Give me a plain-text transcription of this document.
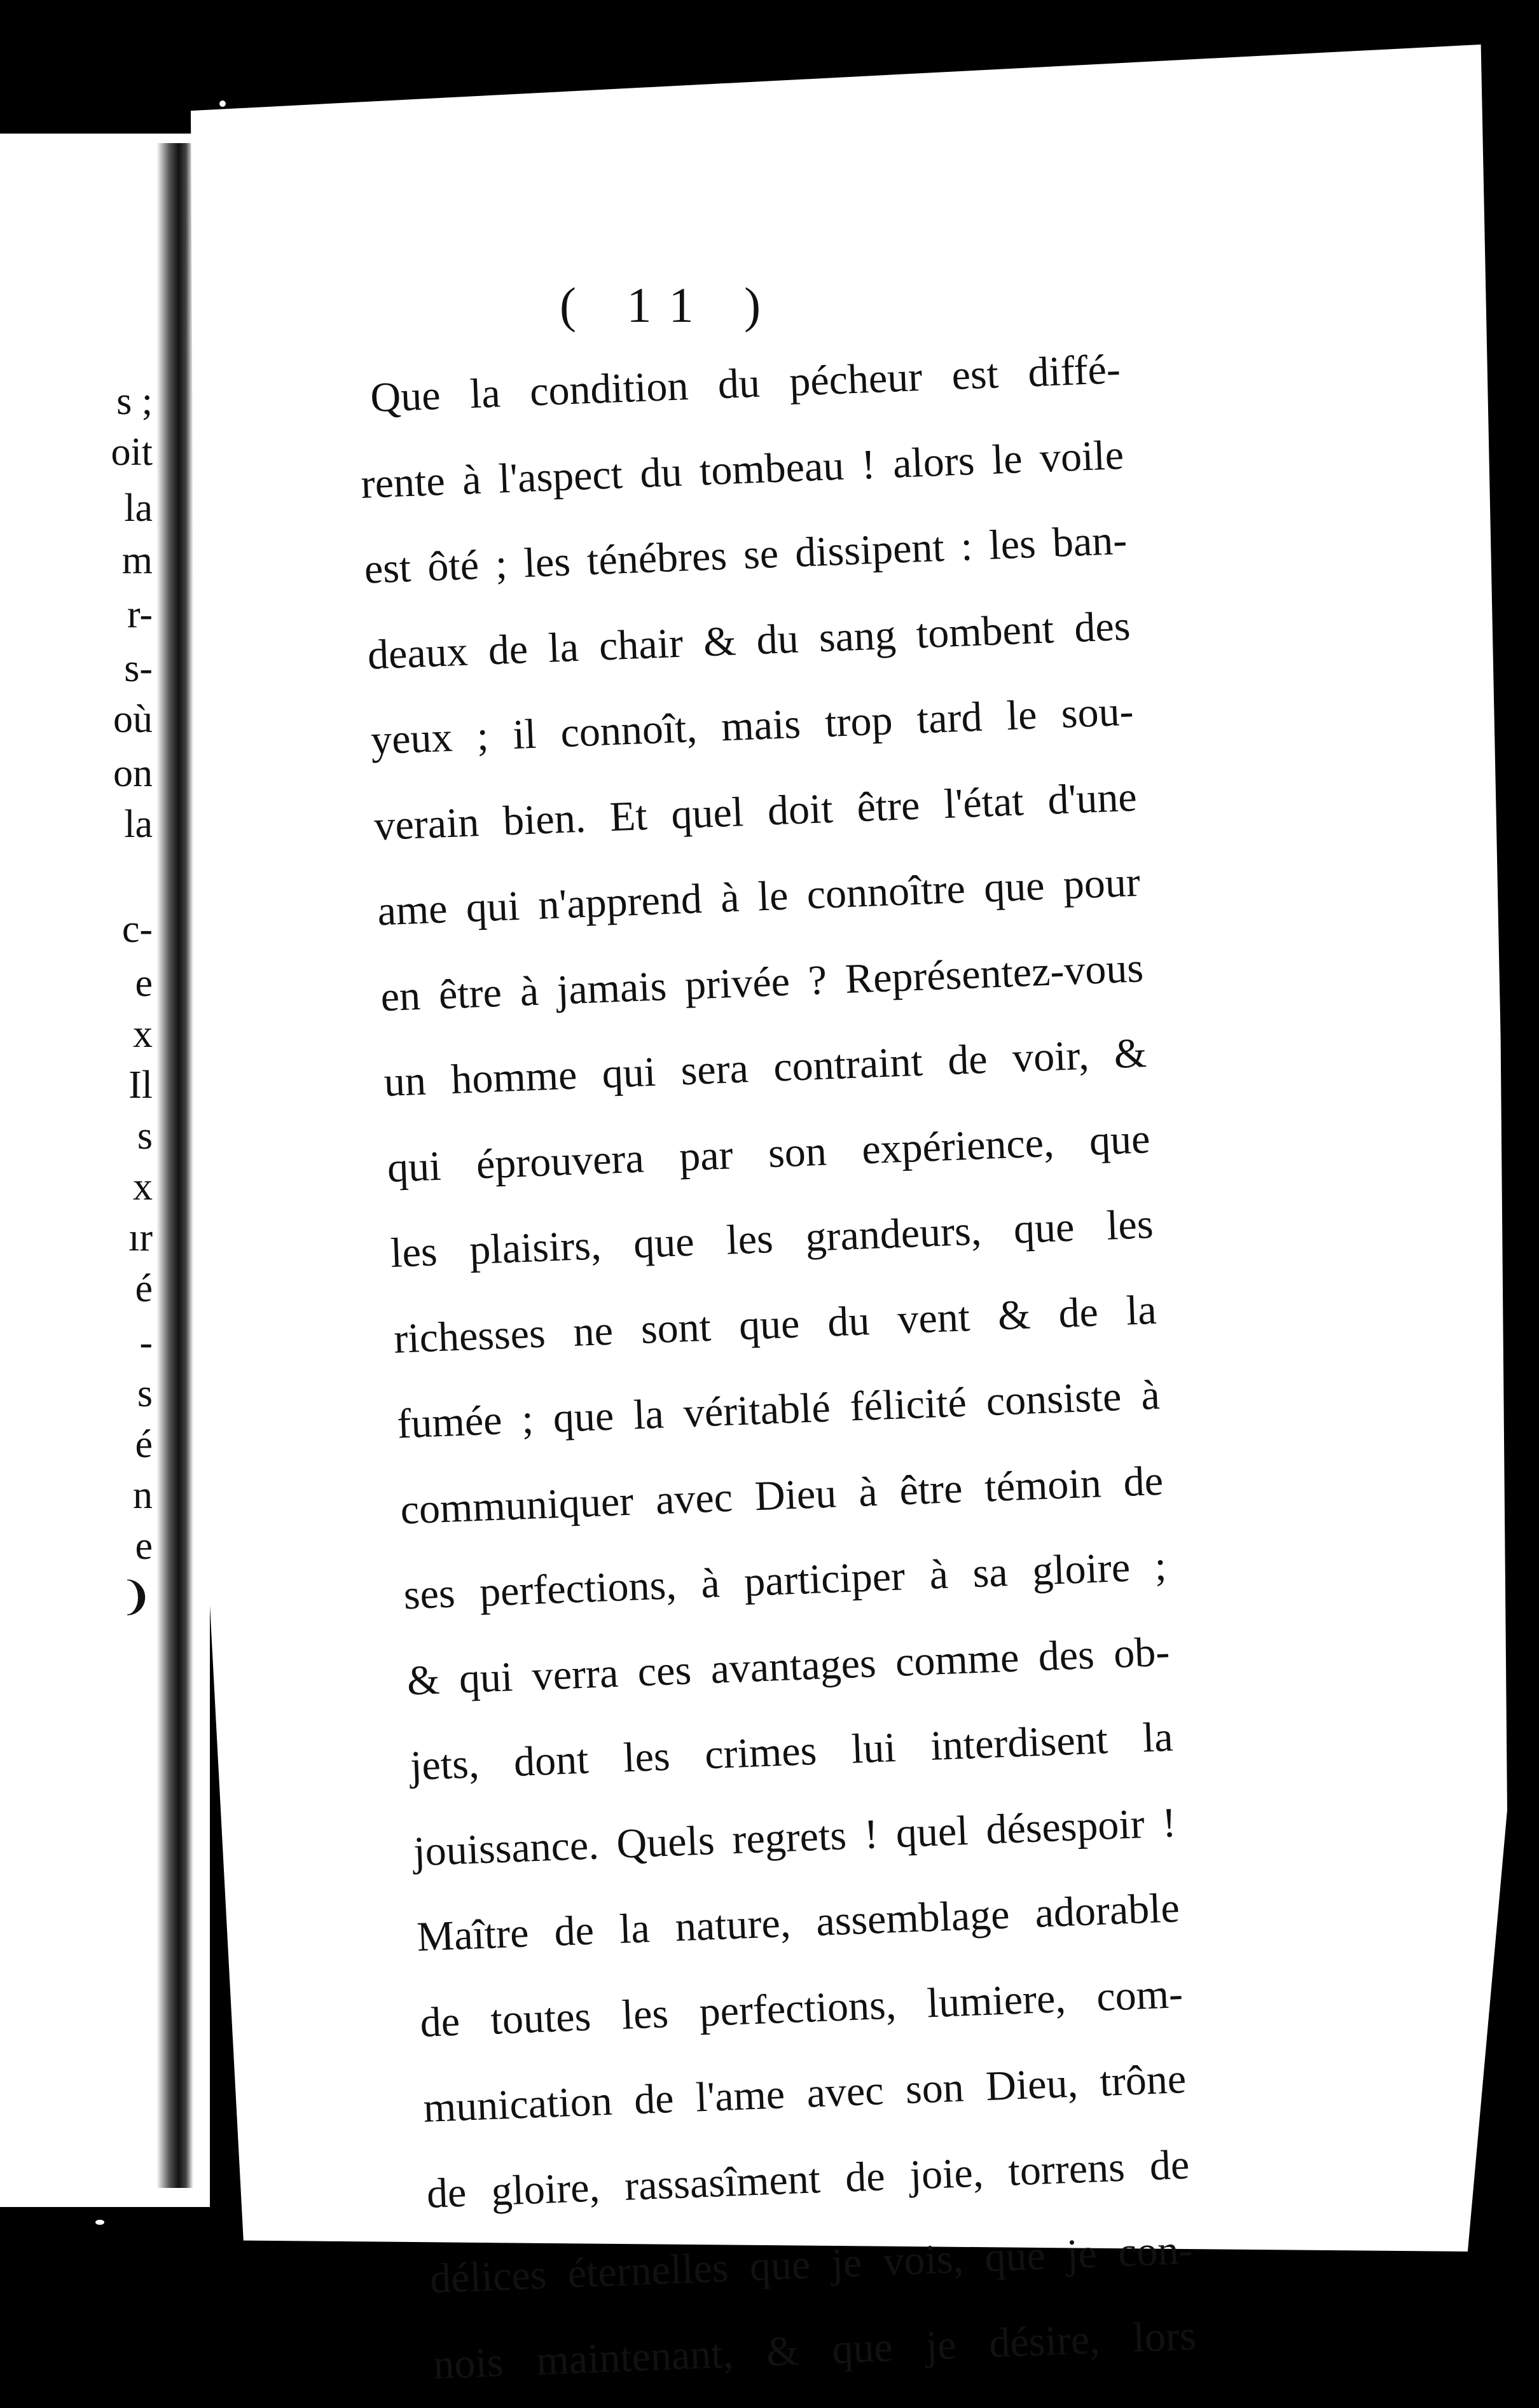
s ;
oit
la
m
r-
s-
où
on
la
c-
e
x
Il
s
x
ır
é
-
s
é
n
e
❩
( 11 )
Que la condition du pécheur est diffé-
rente à l'aspect du tombeau ! alors le voile
est ôté ; les ténébres se dissipent : les ban-
deaux de la chair & du sang tombent des
yeux ; il connoît, mais trop tard le sou-
verain bien. Et quel doit être l'état d'une
ame qui n'apprend à le connoître que pour
en être à jamais privée ? Représentez-vous
un homme qui sera contraint de voir, &
qui éprouvera par son expérience, que
les plaisirs, que les grandeurs, que les
richesses ne sont que du vent & de la
fumée ; que la véritablé félicité consiste à
communiquer avec Dieu à être témoin de
ses perfections, à participer à sa gloire ;
& qui verra ces avantages comme des ob-
jets, dont les crimes lui interdisent la
jouissance. Quels regrets ! quel désespoir !
Maître de la nature, assemblage adorable
de toutes les perfections, lumiere, com-
munication de l'ame avec son Dieu, trône
de gloire, rassasîment de joie, torrens de
délices éternelles que je vois, que je con-
nois maintenant, & que je désire, lors
